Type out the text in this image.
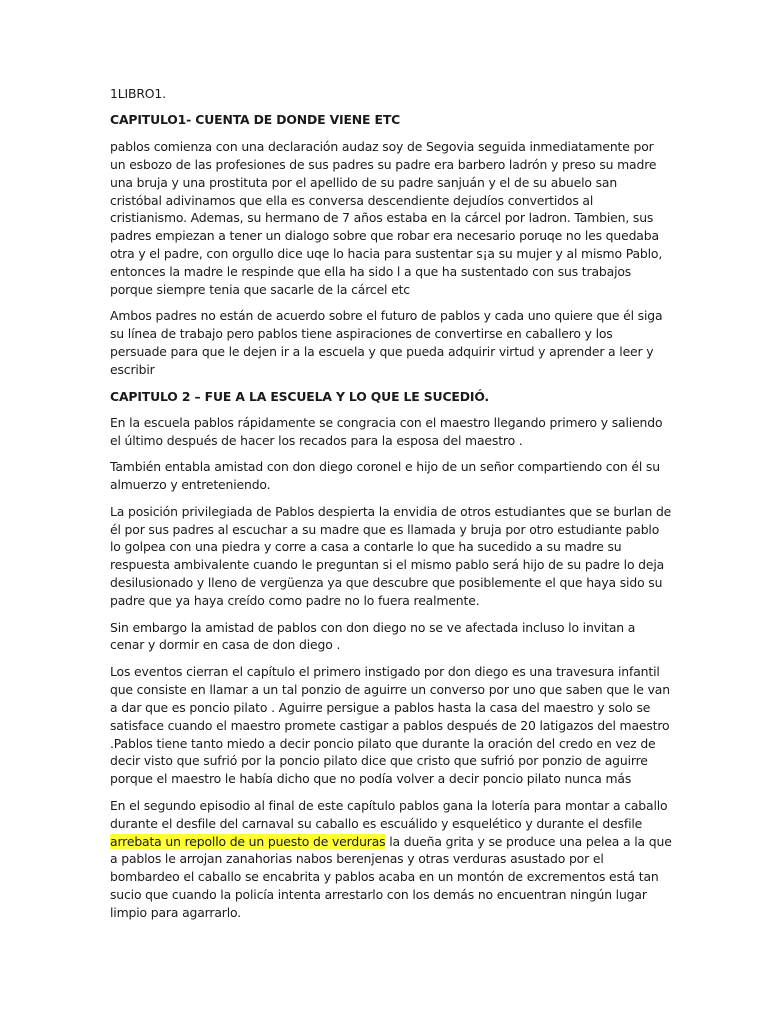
1LIBRO1.

CAPITULO1- CUENTA DE DONDE VIENE ETC

pablos comienza con una declaración audaz soy de Segovia seguida inmediatamente por un esbozo de las profesiones de sus padres su padre era barbero ladrón y preso su madre una bruja y una prostituta por el apellido de su padre sanjuán y el de su abuelo san cristóbal adivinamos que ella es conversa descendiente dejudíos convertidos al cristianismo. Ademas, su hermano de 7 años estaba en la cárcel por ladron. Tambien, sus padres empiezan a tener un dialogo sobre que robar era necesario poruqe no les quedaba otra y el padre, con orgullo dice uqe lo hacia para sustentar s¡a su mujer y al mismo Pablo, entonces la madre le respinde que ella ha sido l a que ha sustentado con sus trabajos porque siempre tenia que sacarle de la cárcel etc

Ambos padres no están de acuerdo sobre el futuro de pablos y cada uno quiere que él siga su línea de trabajo pero pablos tiene aspiraciones de convertirse en caballero y los persuade para que le dejen ir a la escuela y que pueda adquirir virtud y aprender a leer y escribir

CAPITULO 2 – FUE A LA ESCUELA Y LO QUE LE SUCEDIÓ.

En la escuela pablos rápidamente se congracia con el maestro llegando primero y saliendo el último después de hacer los recados para la esposa del maestro .

También entabla amistad con don diego coronel e hijo de un señor compartiendo con él su almuerzo y entreteniendo.

La posición privilegiada de Pablos despierta la envidia de otros estudiantes que se burlan de él por sus padres al escuchar a su madre que es llamada y bruja por otro estudiante pablo lo golpea con una piedra y corre a casa a contarle lo que ha sucedido a su madre su respuesta ambivalente cuando le preguntan si el mismo pablo será hijo de su padre lo deja desilusionado y lleno de vergüenza ya que descubre que posiblemente el que haya sido su padre que ya haya creído como padre no lo fuera realmente.

Sin embargo la amistad de pablos con don diego no se ve afectada incluso lo invitan a cenar y dormir en casa de don diego .

Los eventos cierran el capítulo el primero instigado por don diego es una travesura infantil que consiste en llamar a un tal ponzio de aguirre un converso por uno que saben que le van a dar que es poncio pilato . Aguirre persigue a pablos hasta la casa del maestro y solo se satisface cuando el maestro promete castigar a pablos después de 20 latigazos del maestro .Pablos tiene tanto miedo a decir poncio pilato que durante la oración del credo en vez de decir visto que sufrió por la poncio pilato dice que cristo que sufrió por ponzio de aguirre porque el maestro le había dicho que no podía volver a decir poncio pilato nunca más

En el segundo episodio al final de este capítulo pablos gana la lotería para montar a caballo durante el desfile del carnaval su caballo es escuálido y esquelético y durante el desfile arrebata un repollo de un puesto de verduras la dueña grita y se produce una pelea a la que a pablos le arrojan zanahorias nabos berenjenas y otras verduras asustado por el bombardeo el caballo se encabrita y pablos acaba en un montón de excrementos está tan sucio que cuando la policía intenta arrestarlo con los demás no encuentran ningún lugar limpio para agarrarlo.
